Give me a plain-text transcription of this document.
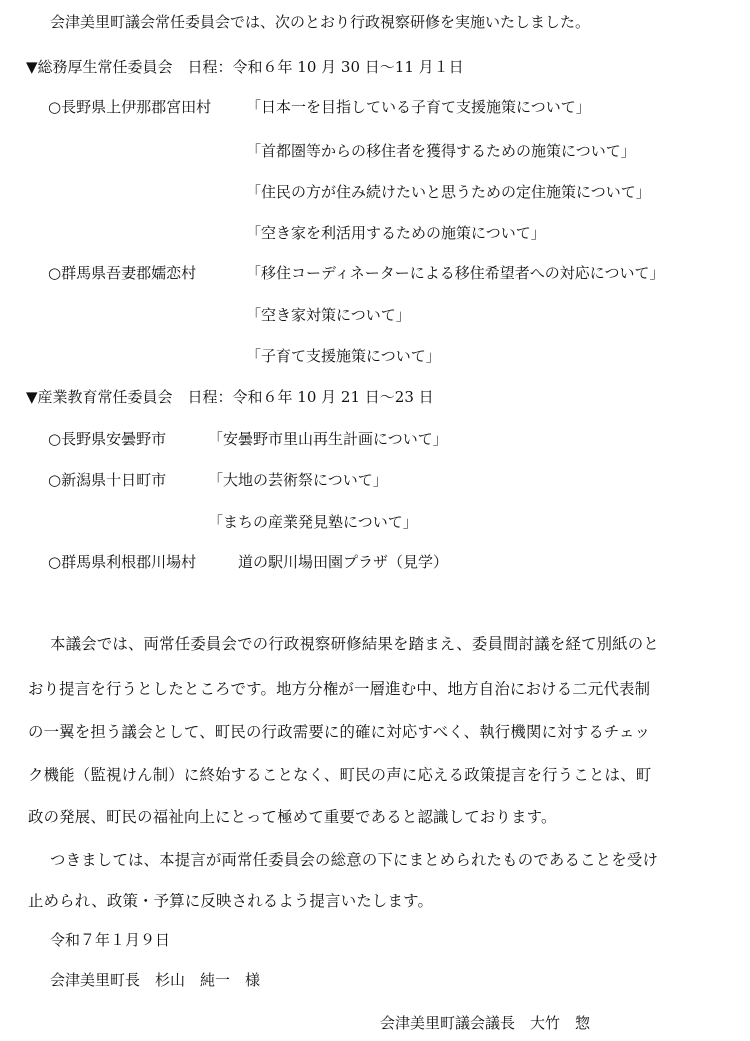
会津美里町議会常任委員会では、次のとおり行政視察研修を実施いたしました。
▼総務厚生常任委員会　日程：令和６年 10 月 30 日～11 月１日
○長野県上伊那郡宮田村 「日本一を目指している子育て支援施策について」
「首都圏等からの移住者を獲得するための施策について」
「住民の方が住み続けたいと思うための定住施策について」
「空き家を利活用するための施策について」
○群馬県吾妻郡嬬恋村	「移住コーディネーターによる移住希望者への対応について」
「空き家対策について」
「子育て支援施策について」
▼産業教育常任委員会　日程：令和６年 10 月 21 日～23 日
○長野県安曇野市	「安曇野市里山再生計画について」
○新潟県十日町市	「大地の芸術祭について」
「まちの産業発見塾について」
○群馬県利根郡川場村	道の駅川場田園プラザ（見学）
本議会では、両常任委員会での行政視察研修結果を踏まえ、委員間討議を経て別紙のと
おり提言を行うとしたところです。地方分権が一層進む中、地方自治における二元代表制
の一翼を担う議会として、町民の行政需要に的確に対応すべく、執行機関に対するチェッ
ク機能（監視けん制）に終始することなく、町民の声に応える政策提言を行うことは、町
政の発展、町民の福祉向上にとって極めて重要であると認識しております。
つきましては、本提言が両常任委員会の総意の下にまとめられたものであることを受け
止められ、政策・予算に反映されるよう提言いたします。
令和７年１月９日
会津美里町長　杉山　純一　様
会津美里町議会議長　大竹　惣
